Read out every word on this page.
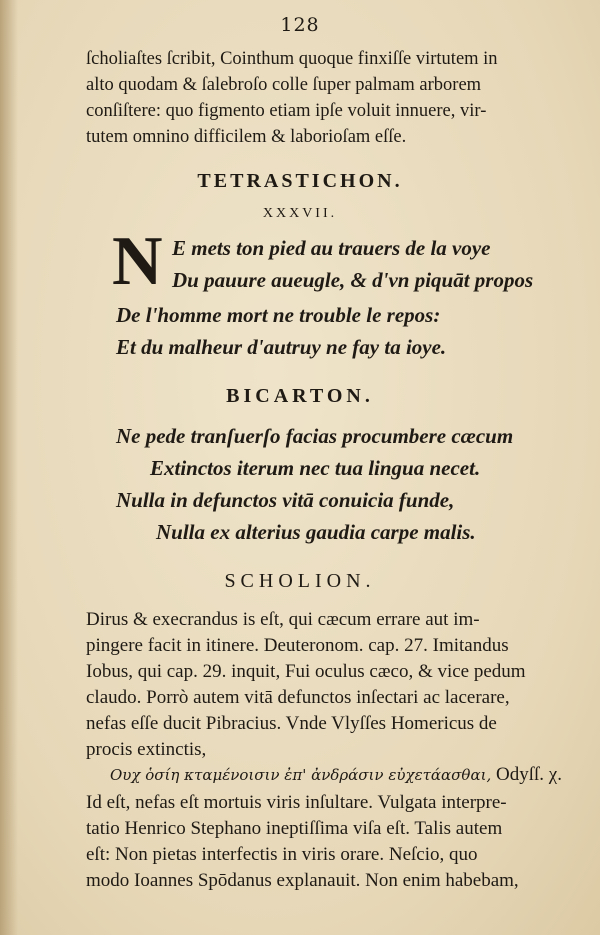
128
ſcholiaſtes ſcribit, Cointhum quoque finxiſſe virtutem in
alto quodam & ſalebroſo colle ſuper palmam arborem
conſiſtere: quo figmento etiam ipſe voluit innuere, vir-
tutem omnino difficilem & laborioſam eſſe.
TETRASTICHON.
XXXVII.
N E mets ton pied au trauers de la voye
Du pauure aueugle, & d'vn piquāt propos
De l'homme mort ne trouble le repos:
Et du malheur d'autruy ne fay ta ioye.
BICARTON.
Ne pede tranſuerſo facias procumbere cæcum
Extinctos iterum nec tua lingua necet.
Nulla in defunctos vitā conuicia funde,
Nulla ex alterius gaudia carpe malis.
SCHOLION.
Dirus & execrandus is eſt, qui cæcum errare aut im-
pingere facit in itinere. Deuteronom. cap. 27. Imitandus
Iobus, qui cap. 29. inquit, Fui oculus cæco, & vice pedum
claudo. Porrò autem vitā defunctos inſectari ac lacerare,
nefas eſſe ducit Pibracius. Vnde Vlyſſes Homericus de
procis extinctis,
Ουχ ὁσίη κταμένοισιν ἐπ' ἀνδράσιν εὐχετάασθαι, Odyſſ. χ.
Id eſt, nefas eſt mortuis viris inſultare. Vulgata interpre-
tatio Henrico Stephano ineptiſſima viſa eſt. Talis autem
eſt: Non pietas interfectis in viris orare. Neſcio, quo
modo Ioannes Spōdanus explanauit. Non enim habebam,
